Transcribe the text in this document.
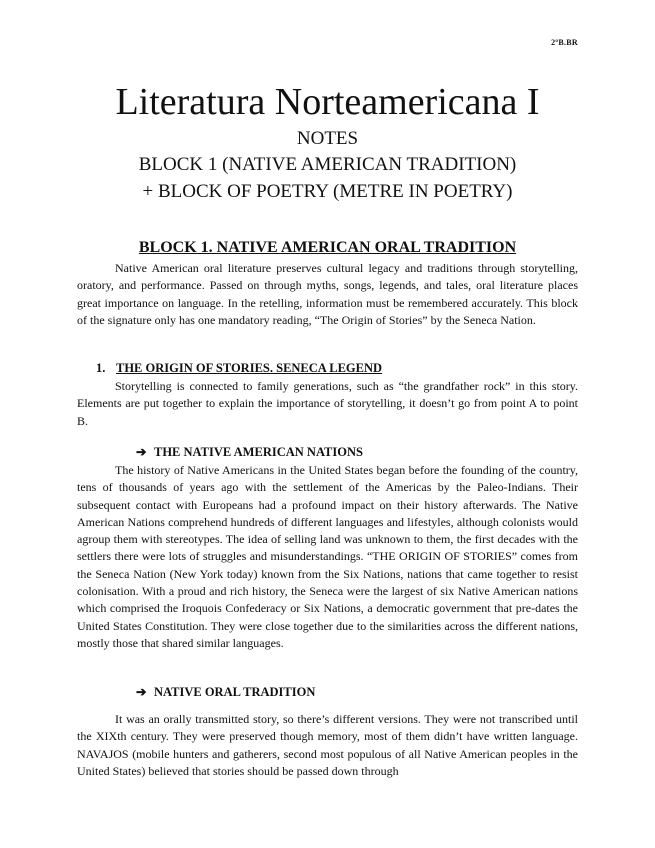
2ºB.BR
Literatura Norteamericana I
NOTES
BLOCK 1 (NATIVE AMERICAN TRADITION)
+ BLOCK OF POETRY (METRE IN POETRY)
BLOCK 1. NATIVE AMERICAN ORAL TRADITION

Native American oral literature preserves cultural legacy and traditions through storytelling, oratory, and performance. Passed on through myths, songs, legends, and tales, oral literature places great importance on language. In the retelling, information must be remembered accurately. This block of the signature only has one mandatory reading, “The Origin of Stories” by the Seneca Nation.

1. THE ORIGIN OF STORIES. SENECA LEGEND

Storytelling is connected to family generations, such as “the grandfather rock” in this story. Elements are put together to explain the importance of storytelling, it doesn’t go from point A to point B.

➔ THE NATIVE AMERICAN NATIONS

The history of Native Americans in the United States began before the founding of the country, tens of thousands of years ago with the settlement of the Americas by the Paleo-Indians. Their subsequent contact with Europeans had a profound impact on their history afterwards. The Native American Nations comprehend hundreds of different languages and lifestyles, although colonists would agroup them with stereotypes. The idea of selling land was unknown to them, the first decades with the settlers there were lots of struggles and misunderstandings. “THE ORIGIN OF STORIES” comes from the Seneca Nation (New York today) known from the Six Nations, nations that came together to resist colonisation. With a proud and rich history, the Seneca were the largest of six Native American nations which comprised the Iroquois Confederacy or Six Nations, a democratic government that pre-dates the United States Constitution. They were close together due to the similarities across the different nations, mostly those that shared similar languages.

➔ NATIVE ORAL TRADITION

It was an orally transmitted story, so there’s different versions. They were not transcribed until the XIXth century. They were preserved though memory, most of them didn’t have written language. NAVAJOS (mobile hunters and gatherers, second most populous of all Native American peoples in the United States) believed that stories should be passed down through
